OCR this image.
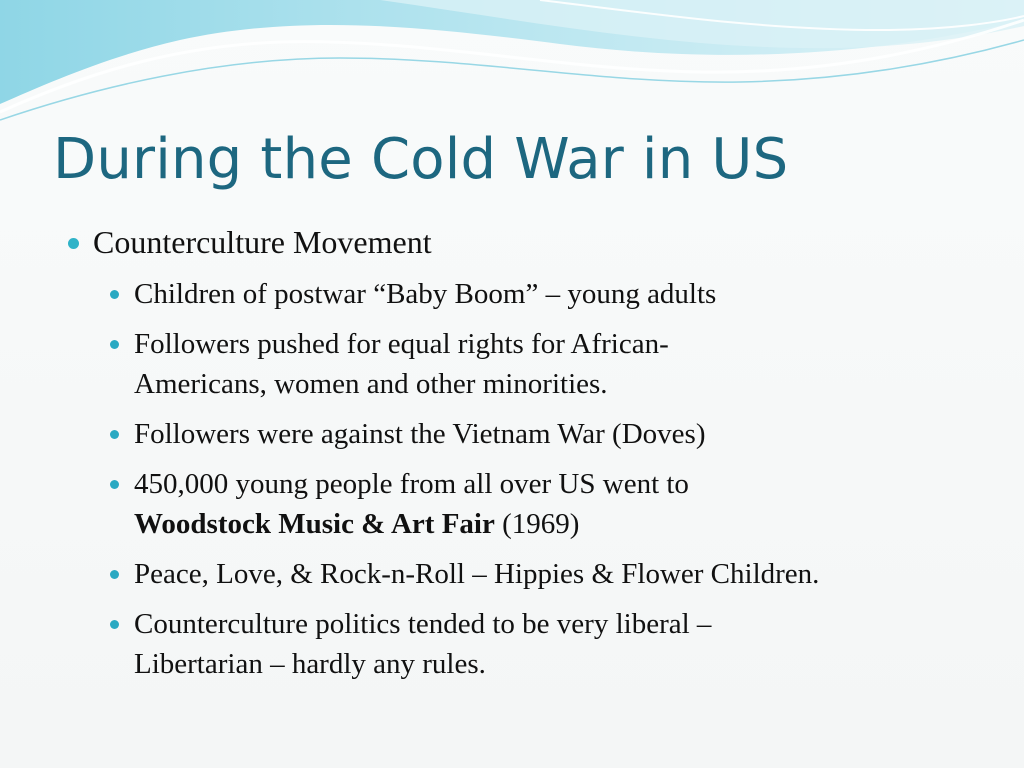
During the Cold War in US
Counterculture Movement
Children of postwar “Baby Boom” – young adults
Followers pushed for equal rights for African-
Americans, women and other minorities.
Followers were against the Vietnam War (Doves)
450,000 young people from all over US went to
Woodstock Music & Art Fair (1969)
Peace, Love, & Rock-n-Roll – Hippies & Flower Children.
Counterculture politics tended to be very liberal –
Libertarian – hardly any rules.
